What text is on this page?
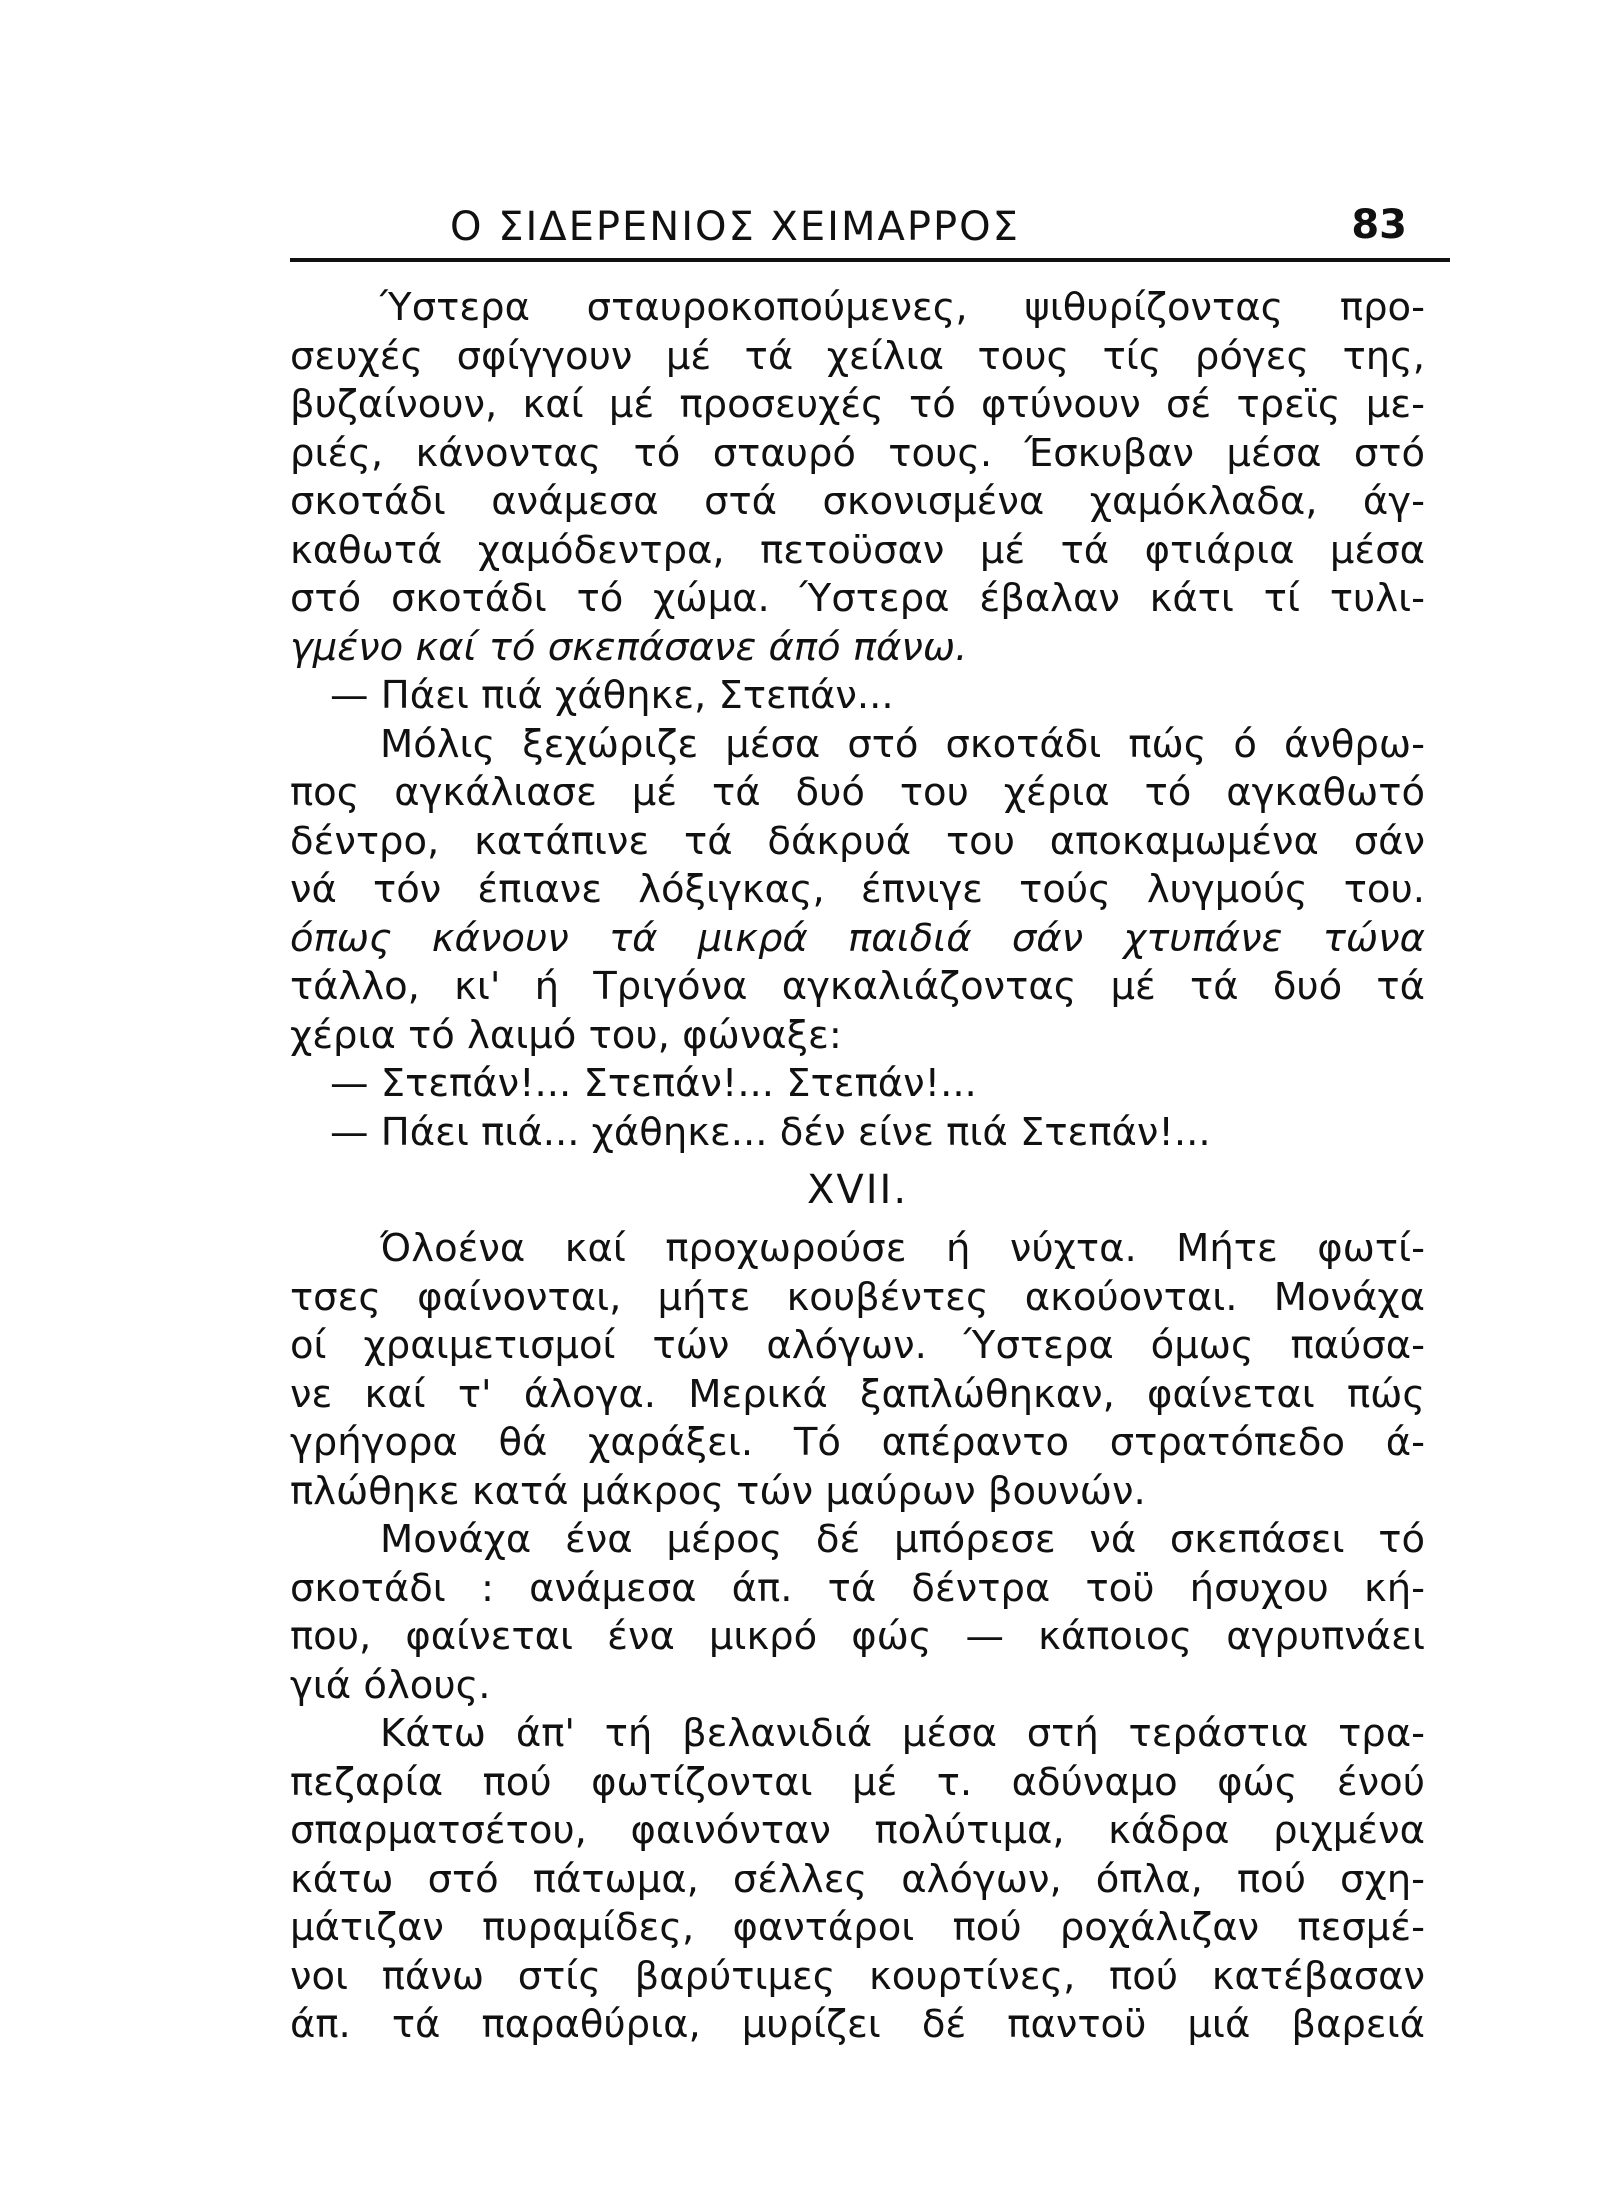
Ο ΣΙΔΕΡΕΝΙΟΣ ΧΕΙΜΑΡΡΟΣ	83
Ύστερα σταυροκοπούμενες, ψιθυρίζοντας προ-
σευχές σφίγγουν μέ τά χείλια τους τίς ρόγες της,
βυζαίνουν, καί μέ προσευχές τό φτύνουν σέ τρεϊς με-
ριές, κάνοντας τό σταυρό τους. Έσκυβαν μέσα στό
σκοτάδι ανάμεσα στά σκονισμένα χαμόκλαδα, άγ-
καθωτά χαμόδεντρα, πετοϋσαν μέ τά φτιάρια μέσα
στό σκοτάδι τό χώμα. Ύστερα έβαλαν κάτι τί τυλι-
γμένο καί τό σκεπάσανε άπό πάνω.
— Πάει πιά χάθηκε, Στεπάν...
Μόλις ξεχώριζε μέσα στό σκοτάδι πώς ό άνθρω-
πος αγκάλιασε μέ τά δυό του χέρια τό αγκαθωτό
δέντρο, κατάπινε τά δάκρυά του αποκαμωμένα σάν
νά τόν έπιανε λόξιγκας, έπνιγε τούς λυγμούς του.
όπως κάνουν τά μικρά παιδιά σάν χτυπάνε τώνα
τάλλο, κι' ή Τριγόνα αγκαλιάζοντας μέ τά δυό τά
χέρια τό λαιμό του, φώναξε:
— Στεπάν!... Στεπάν!... Στεπάν!...
— Πάει πιά... χάθηκε... δέν είνε πιά Στεπάν!...
XVII.
Όλοένα καί προχωρούσε ή νύχτα. Μήτε φωτί-
τσες φαίνονται, μήτε κουβέντες ακούονται. Μονάχα
οί χραιμετισμοί τών αλόγων. Ύστερα όμως παύσα-
νε καί τ' άλογα. Μερικά ξαπλώθηκαν, φαίνεται πώς
γρήγορα θά χαράξει. Τό απέραντο στρατόπεδο ά-
πλώθηκε κατά μάκρος τών μαύρων βουνών.
Μονάχα ένα μέρος δέ μπόρεσε νά σκεπάσει τό
σκοτάδι : ανάμεσα άπ. τά δέντρα τοϋ ήσυχου κή-
που, φαίνεται ένα μικρό φώς — κάποιος αγρυπνάει
γιά όλους.
Κάτω άπ' τή βελανιδιά μέσα στή τεράστια τρα-
πεζαρία πού φωτίζονται μέ τ. αδύναμο φώς ένού
σπαρματσέτου, φαινόνταν πολύτιμα, κάδρα ριχμένα
κάτω στό πάτωμα, σέλλες αλόγων, όπλα, πού σχη-
μάτιζαν πυραμίδες, φαντάροι πού ροχάλιζαν πεσμέ-
νοι πάνω στίς βαρύτιμες κουρτίνες, πού κατέβασαν
άπ. τά παραθύρια, μυρίζει δέ παντοϋ μιά βαρειά
